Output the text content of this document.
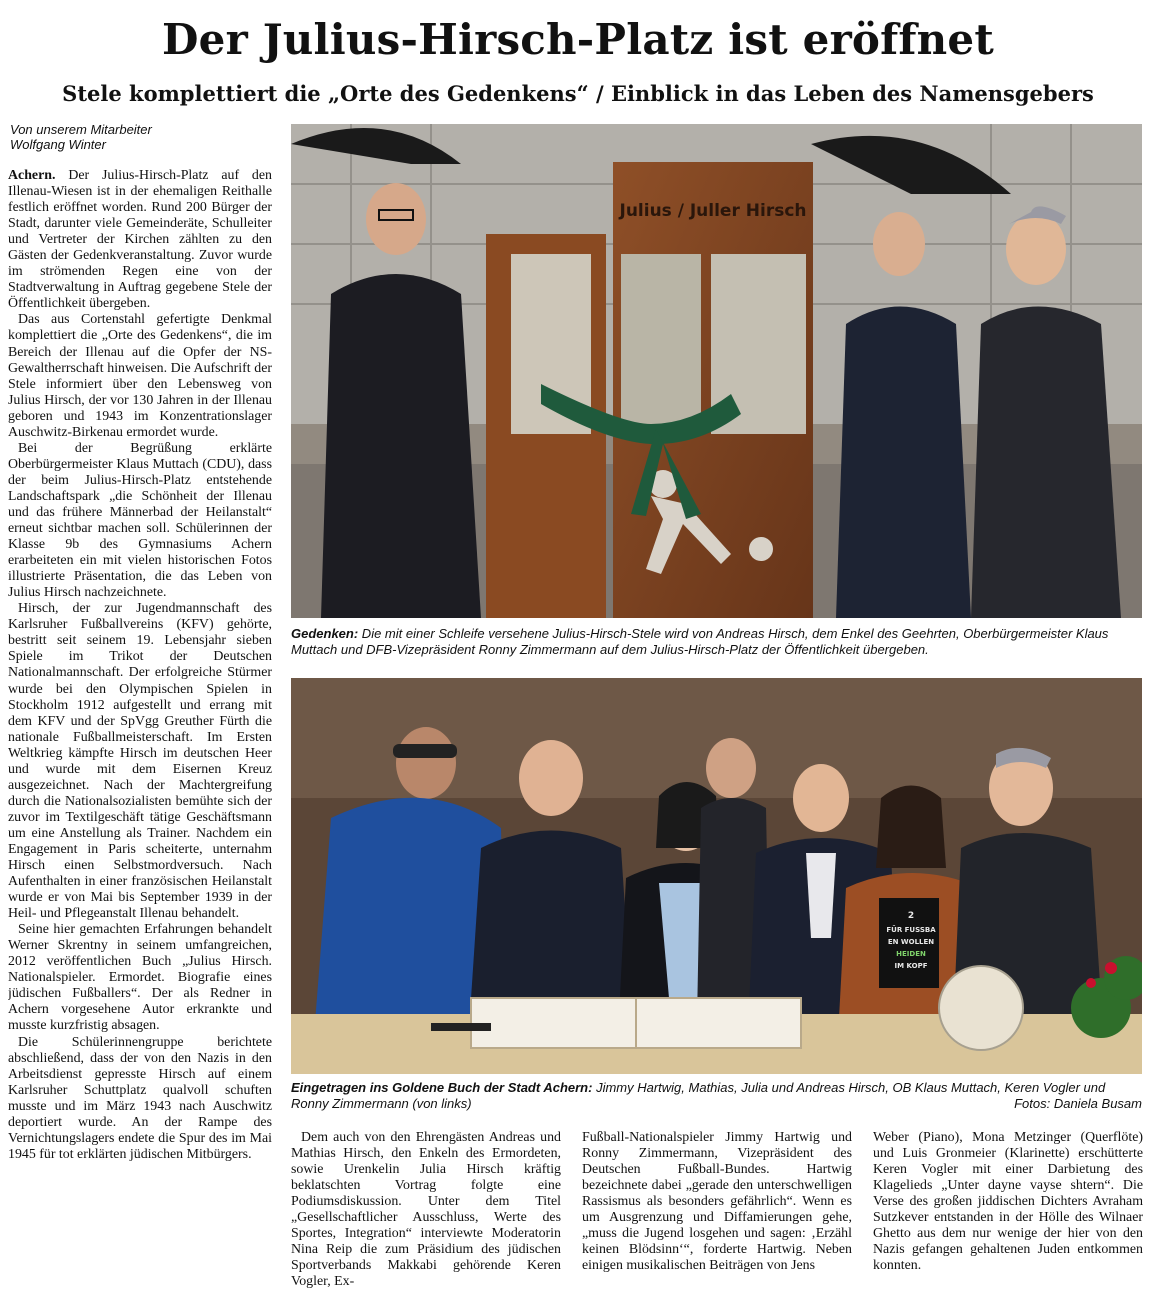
Der Julius-Hirsch-Platz ist eröffnet
Stele komplettiert die „Orte des Gedenkens“ / Einblick in das Leben des Namensgebers
Von unserem Mitarbeiter
Wolfgang Winter

Achern. Der Julius-Hirsch-Platz auf den Illenau-Wiesen ist in der ehemaligen Reithalle festlich eröffnet worden. Rund 200 Bürger der Stadt, darunter viele Gemeinderäte, Schulleiter und Vertreter der Kirchen zählten zu den Gästen der Gedenkveranstaltung. Zuvor wurde im strömenden Regen eine von der Stadtverwaltung in Auftrag gegebene Stele der Öffentlichkeit übergeben.

Das aus Cortenstahl gefertigte Denkmal komplettiert die „Orte des Gedenkens“, die im Bereich der Illenau auf die Opfer der NS-Gewaltherrschaft hinweisen. Die Aufschrift der Stele informiert über den Lebensweg von Julius Hirsch, der vor 130 Jahren in der Illenau geboren und 1943 im Konzentrationslager Auschwitz-Birkenau ermordet wurde.

Bei der Begrüßung erklärte Oberbürgermeister Klaus Muttach (CDU), dass der beim Julius-Hirsch-Platz entstehende Landschaftspark „die Schönheit der Illenau und das frühere Männerbad der Heilanstalt“ erneut sichtbar machen soll. Schülerinnen der Klasse 9b des Gymnasiums Achern erarbeiteten ein mit vielen historischen Fotos illustrierte Präsentation, die das Leben von Julius Hirsch nachzeichnete.

Hirsch, der zur Jugendmannschaft des Karlsruher Fußballvereins (KFV) gehörte, bestritt seit seinem 19. Lebensjahr sieben Spiele im Trikot der Deutschen Nationalmannschaft. Der erfolgreiche Stürmer wurde bei den Olympischen Spielen in Stockholm 1912 aufgestellt und errang mit dem KFV und der SpVgg Greuther Fürth die nationale Fußballmeisterschaft. Im Ersten Weltkrieg kämpfte Hirsch im deutschen Heer und wurde mit dem Eisernen Kreuz ausgezeichnet. Nach der Machtergreifung durch die Nationalsozialisten bemühte sich der zuvor im Textilgeschäft tätige Geschäftsmann um eine Anstellung als Trainer. Nachdem ein Engagement in Paris scheiterte, unternahm Hirsch einen Selbstmordversuch. Nach Aufenthalten in einer französischen Heilanstalt wurde er von Mai bis September 1939 in der Heil- und Pflegeanstalt Illenau behandelt.

Seine hier gemachten Erfahrungen behandelt Werner Skrentny in seinem umfangreichen, 2012 veröffentlichen Buch „Julius Hirsch. Nationalspieler. Ermordet. Biografie eines jüdischen Fußballers“. Der als Redner in Achern vorgesehene Autor erkrankte und musste kurzfristig absagen.

Die Schülerinnengruppe berichtete abschließend, dass der von den Nazis in den Arbeitsdienst gepresste Hirsch auf einem Karlsruher Schuttplatz qualvoll schuften musste und im März 1943 nach Auschwitz deportiert wurde. An der Rampe des Vernichtungslagers endete die Spur des im Mai 1945 für tot erklärten jüdischen Mitbürgers.

Julius / Juller Hirsch
Gedenken: Die mit einer Schleife versehene Julius-Hirsch-Stele wird von Andreas Hirsch, dem Enkel des Geehrten, Oberbürgermeister Klaus Muttach und DFB-Vizepräsident Ronny Zimmermann auf dem Julius-Hirsch-Platz der Öffentlichkeit übergeben.
2
FÜR FUSSBA
EN WOLLEN
HEIDEN
IM KOPF
Eingetragen ins Goldene Buch der Stadt Achern: Jimmy Hartwig, Mathias, Julia und Andreas Hirsch, OB Klaus Muttach, Keren Vogler und Ronny Zimmermann (von links)	Fotos: Daniela Busam

Dem auch von den Ehrengästen Andreas und Mathias Hirsch, den Enkeln des Ermordeten, sowie Urenkelin Julia Hirsch kräftig beklatschten Vortrag folgte eine Podiumsdiskussion. Unter dem Titel „Gesellschaftlicher Ausschluss, Werte des Sportes, Integration“ interviewte Moderatorin Nina Reip die zum Präsidium des jüdischen Sportverbands Makkabi gehörende Keren Vogler, Ex-

Fußball-Nationalspieler Jimmy Hartwig und Ronny Zimmermann, Vizepräsident des Deutschen Fußball-Bundes. Hartwig bezeichnete dabei „gerade den unterschwelligen Rassismus als besonders gefährlich“. Wenn es um Ausgrenzung und Diffamierungen gehe, „muss die Jugend losgehen und sagen: ‚Erzähl keinen Blödsinn‘“, forderte Hartwig. Neben einigen musikalischen Beiträgen von Jens

Weber (Piano), Mona Metzinger (Querflöte) und Luis Gronmeier (Klarinette) erschütterte Keren Vogler mit einer Darbietung des Klagelieds „Unter dayne vayse shtern“. Die Verse des großen jiddischen Dichters Avraham Sutzkever entstanden in der Hölle des Wilnaer Ghetto aus dem nur wenige der hier von den Nazis gefangen gehaltenen Juden entkommen konnten.
